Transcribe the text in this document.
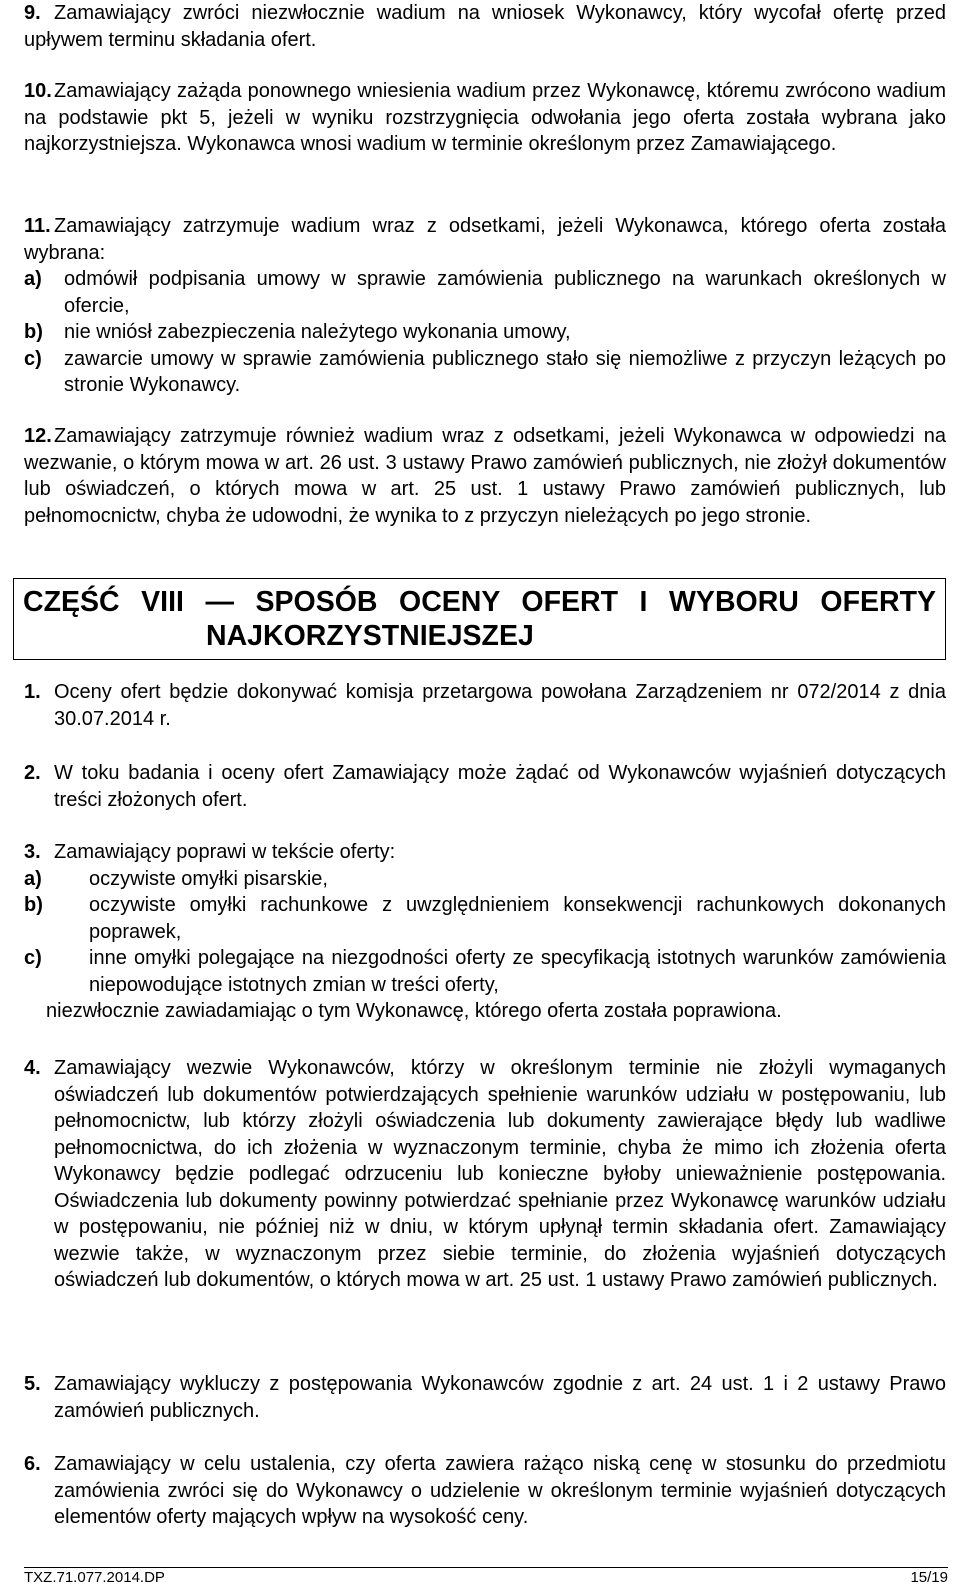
9. Zamawiający zwróci niezwłocznie wadium na wniosek Wykonawcy, który wycofał ofertę przed upływem terminu składania ofert.
10. Zamawiający zażąda ponownego wniesienia wadium przez Wykonawcę, któremu zwrócono wadium na podstawie pkt 5, jeżeli w wyniku rozstrzygnięcia odwołania jego oferta została wybrana jako najkorzystniejsza. Wykonawca wnosi wadium w terminie określonym przez Zamawiającego.
11. Zamawiający zatrzymuje wadium wraz z odsetkami, jeżeli Wykonawca, którego oferta została wybrana:
a) odmówił podpisania umowy w sprawie zamówienia publicznego na warunkach określonych w ofercie,
b) nie wniósł zabezpieczenia należytego wykonania umowy,
c) zawarcie umowy w sprawie zamówienia publicznego stało się niemożliwe z przyczyn leżących po stronie Wykonawcy.
12. Zamawiający zatrzymuje również wadium wraz z odsetkami, jeżeli Wykonawca w odpowiedzi na wezwanie, o którym mowa w art. 26 ust. 3 ustawy Prawo zamówień publicznych, nie złożył dokumentów lub oświadczeń, o których mowa w art. 25 ust. 1 ustawy Prawo zamówień publicznych, lub pełnomocnictw, chyba że udowodni, że wynika to z przyczyn nieleżących po jego stronie.
CZĘŚĆ VIII — SPOSÓB OCENY OFERT I WYBORU OFERTY
NAJKORZYSTNIEJSZEJ
1. Oceny ofert będzie dokonywać komisja przetargowa powołana Zarządzeniem nr 072/2014 z dnia 30.07.2014 r.
2. W toku badania i oceny ofert Zamawiający może żądać od Wykonawców wyjaśnień dotyczących treści złożonych ofert.
3. Zamawiający poprawi w tekście oferty:
a) oczywiste omyłki pisarskie,
b) oczywiste omyłki rachunkowe z uwzględnieniem konsekwencji rachunkowych dokonanych poprawek,
c) inne omyłki polegające na niezgodności oferty ze specyfikacją istotnych warunków zamówienia niepowodujące istotnych zmian w treści oferty,
niezwłocznie zawiadamiając o tym Wykonawcę, którego oferta została poprawiona.
4. Zamawiający wezwie Wykonawców, którzy w określonym terminie nie złożyli wymaganych oświadczeń lub dokumentów potwierdzających spełnienie warunków udziału w postępowaniu, lub pełnomocnictw, lub którzy złożyli oświadczenia lub dokumenty zawierające błędy lub wadliwe pełnomocnictwa, do ich złożenia w wyznaczonym terminie, chyba że mimo ich złożenia oferta Wykonawcy będzie podlegać odrzuceniu lub konieczne byłoby unieważnienie postępowania. Oświadczenia lub dokumenty powinny potwierdzać spełnianie przez Wykonawcę warunków udziału w postępowaniu, nie później niż w dniu, w którym upłynął termin składania ofert. Zamawiający wezwie także, w wyznaczonym przez siebie terminie, do złożenia wyjaśnień dotyczących oświadczeń lub dokumentów, o których mowa w art. 25 ust. 1 ustawy Prawo zamówień publicznych.
5. Zamawiający wykluczy z postępowania Wykonawców zgodnie z art. 24 ust. 1 i 2 ustawy Prawo zamówień publicznych.
6. Zamawiający w celu ustalenia, czy oferta zawiera rażąco niską cenę w stosunku do przedmiotu zamówienia zwróci się do Wykonawcy o udzielenie w określonym terminie wyjaśnień dotyczących elementów oferty mających wpływ na wysokość ceny.
TXZ.71.077.2014.DP	15/19
